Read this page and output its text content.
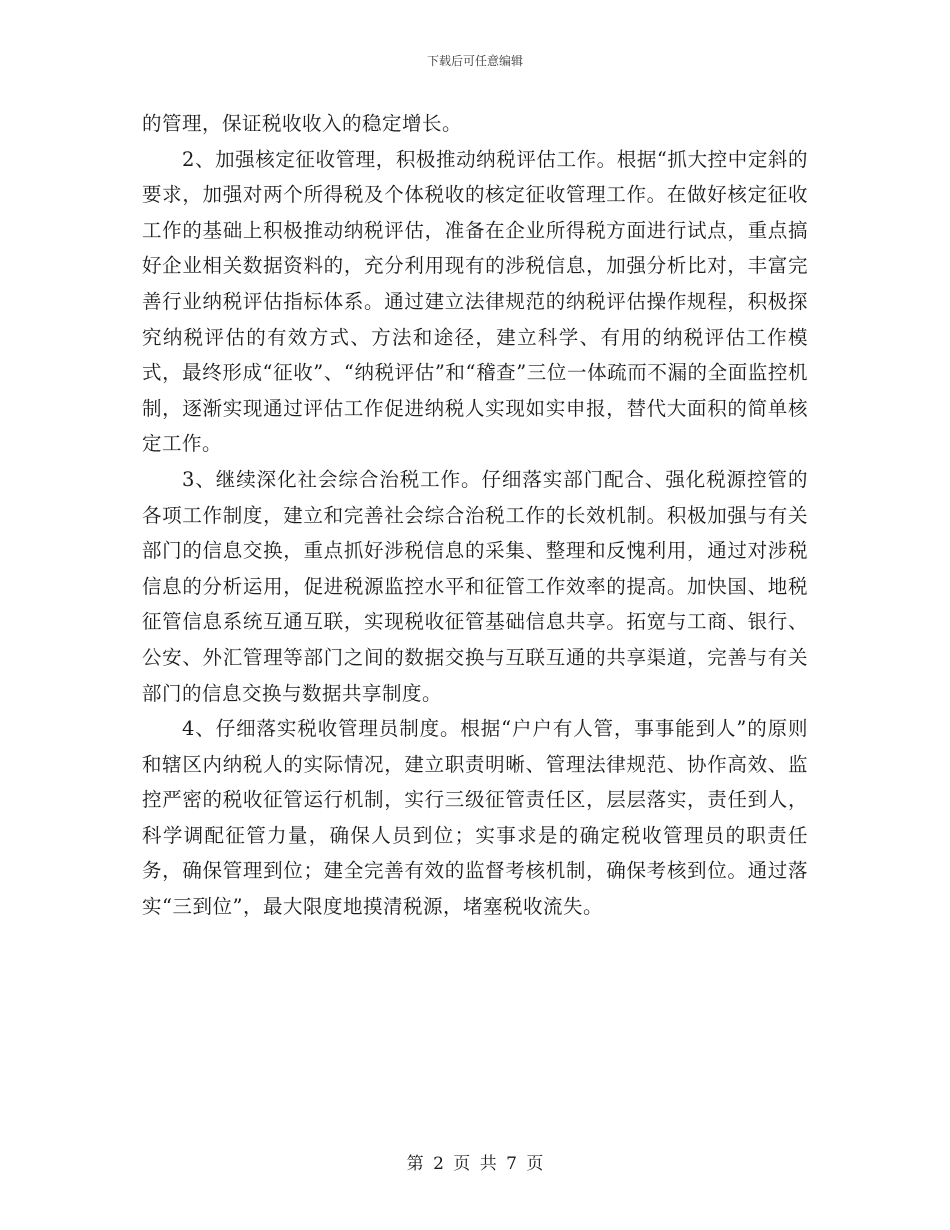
下载后可任意编辑

的管理，保证税收收入的稳定增长。

2、加强核定征收管理，积极推动纳税评估工作。根据“抓大控中定斜的要求，加强对两个所得税及个体税收的核定征收管理工作。在做好核定征收工作的基础上积极推动纳税评估，准备在企业所得税方面进行试点，重点搞好企业相关数据资料的，充分利用现有的涉税信息，加强分析比对，丰富完善行业纳税评估指标体系。通过建立法律规范的纳税评估操作规程，积极探究纳税评估的有效方式、方法和途径，建立科学、有用的纳税评估工作模式，最终形成“征收”、“纳税评估”和“稽查”三位一体疏而不漏的全面监控机制，逐渐实现通过评估工作促进纳税人实现如实申报，替代大面积的简单核定工作。

3、继续深化社会综合治税工作。仔细落实部门配合、强化税源控管的各项工作制度，建立和完善社会综合治税工作的长效机制。积极加强与有关部门的信息交换，重点抓好涉税信息的采集、整理和反愧利用，通过对涉税信息的分析运用，促进税源监控水平和征管工作效率的提高。加快国、地税征管信息系统互通互联，实现税收征管基础信息共享。拓宽与工商、银行、公安、外汇管理等部门之间的数据交换与互联互通的共享渠道，完善与有关部门的信息交换与数据共享制度。

4、仔细落实税收管理员制度。根据“户户有人管，事事能到人”的原则和辖区内纳税人的实际情况，建立职责明晰、管理法律规范、协作高效、监控严密的税收征管运行机制，实行三级征管责任区，层层落实，责任到人，科学调配征管力量，确保人员到位；实事求是的确定税收管理员的职责任务，确保管理到位；建全完善有效的监督考核机制，确保考核到位。通过落实“三到位”，最大限度地摸清税源，堵塞税收流失。

第 2 页 共 7 页
